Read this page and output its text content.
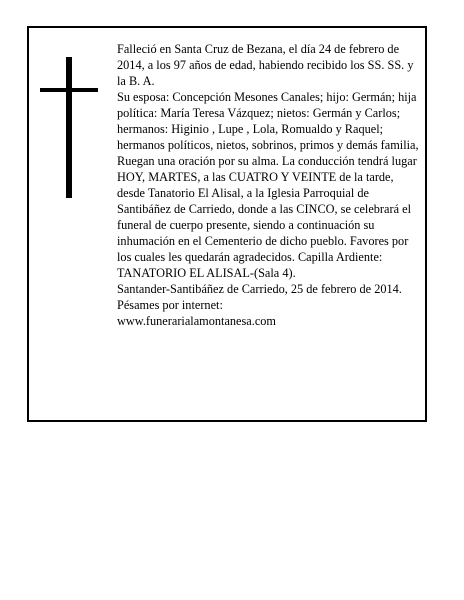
Falleció en Santa Cruz de Bezana, el día 24 de febrero de 2014, a los 97 años de edad, habiendo recibido los SS. SS. y la B. A.

Su esposa: Concepción Mesones Canales; hijo: Germán; hija política: María Teresa Vázquez; nietos: Germán y Carlos; hermanos: Higinio , Lupe , Lola, Romualdo y Raquel; hermanos políticos, nietos, sobrinos, primos y demás familia,

Ruegan una oración por su alma. La conducción tendrá lugar HOY, MARTES, a las CUATRO Y VEINTE de la tarde, desde Tanatorio El Alisal, a la Iglesia Parroquial de Santibáñez de Carriedo, donde a las CINCO, se celebrará el funeral de cuerpo presente, siendo a continuación su inhumación en el Cementerio de dicho pueblo. Favores por los cuales les quedarán agradecidos. Capilla Ardiente: TANATORIO EL ALISAL-(Sala 4).

Santander-Santibáñez de Carriedo, 25 de febrero de 2014. Pésames por internet:

www.funerarialamontanesa.com
